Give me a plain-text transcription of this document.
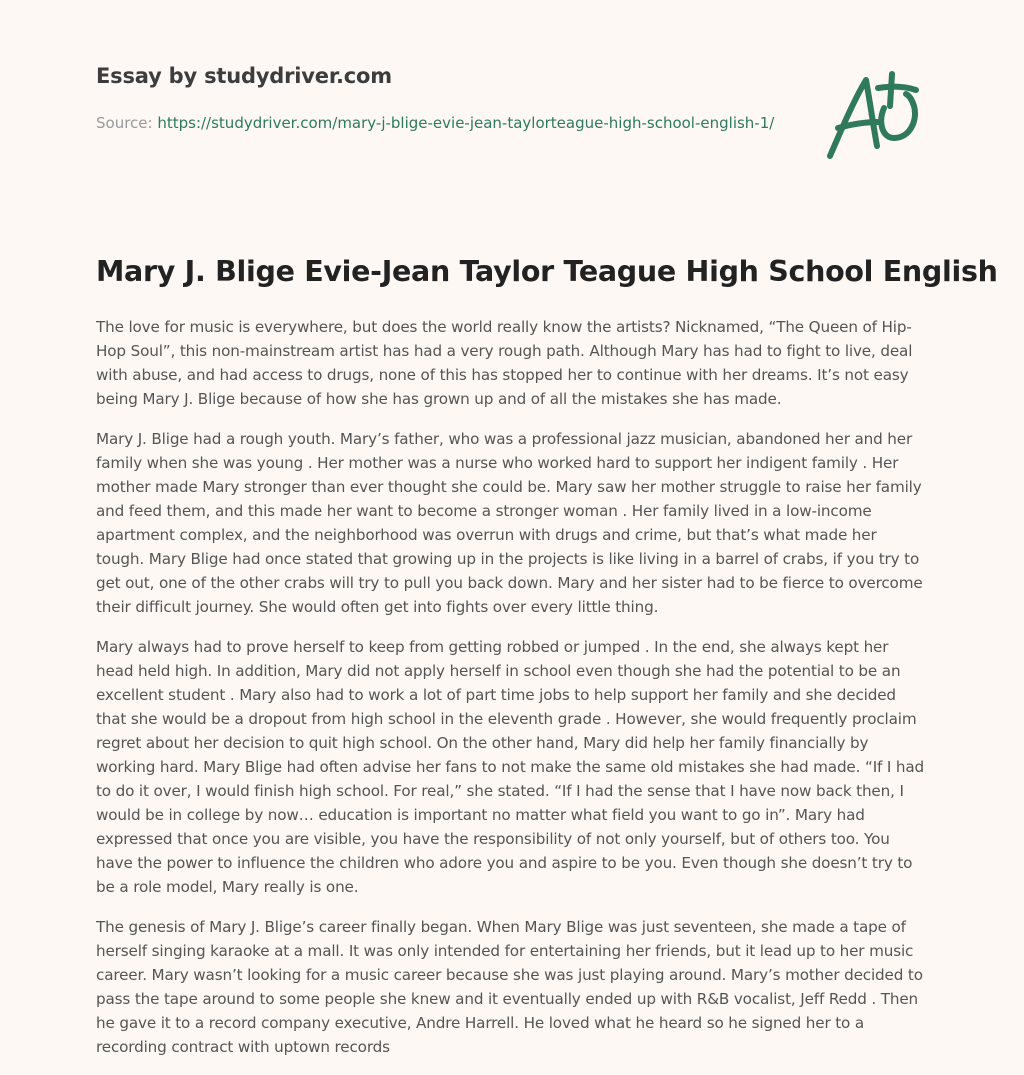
Essay by studydriver.com

Source: https://studydriver.com/mary-j-blige-evie-jean-taylorteague-high-school-english-1/

Mary J. Blige Evie-Jean Taylor Teague High School English

The love for music is everywhere, but does the world really know the artists? Nicknamed, “The Queen of Hip-Hop Soul”, this non-mainstream artist has had a very rough path. Although Mary has had to fight to live, deal with abuse, and had access to drugs, none of this has stopped her to continue with her dreams. It’s not easy being Mary J. Blige because of how she has grown up and of all the mistakes she has made.

Mary J. Blige had a rough youth. Mary’s father, who was a professional jazz musician, abandoned her and her family when she was young . Her mother was a nurse who worked hard to support her indigent family . Her mother made Mary stronger than ever thought she could be. Mary saw her mother struggle to raise her family and feed them, and this made her want to become a stronger woman . Her family lived in a low-income apartment complex, and the neighborhood was overrun with drugs and crime, but that’s what made her tough. Mary Blige had once stated that growing up in the projects is like living in a barrel of crabs, if you try to get out, one of the other crabs will try to pull you back down. Mary and her sister had to be fierce to overcome their difficult journey. She would often get into fights over every little thing.

Mary always had to prove herself to keep from getting robbed or jumped . In the end, she always kept her head held high. In addition, Mary did not apply herself in school even though she had the potential to be an excellent student . Mary also had to work a lot of part time jobs to help support her family and she decided that she would be a dropout from high school in the eleventh grade . However, she would frequently proclaim regret about her decision to quit high school. On the other hand, Mary did help her family financially by working hard. Mary Blige had often advise her fans to not make the same old mistakes she had made. “If I had to do it over, I would finish high school. For real,” she stated. “If I had the sense that I have now back then, I would be in college by now… education is important no matter what field you want to go in”. Mary had expressed that once you are visible, you have the responsibility of not only yourself, but of others too. You have the power to influence the children who adore you and aspire to be you. Even though she doesn’t try to be a role model, Mary really is one.

The genesis of Mary J. Blige’s career finally began. When Mary Blige was just seventeen, she made a tape of herself singing karaoke at a mall. It was only intended for entertaining her friends, but it lead up to her music career. Mary wasn’t looking for a music career because she was just playing around. Mary’s mother decided to pass the tape around to some people she knew and it eventually ended up with R&B vocalist, Jeff Redd . Then he gave it to a record company executive, Andre Harrell. He loved what he heard so he signed her to a recording contract with uptown records
